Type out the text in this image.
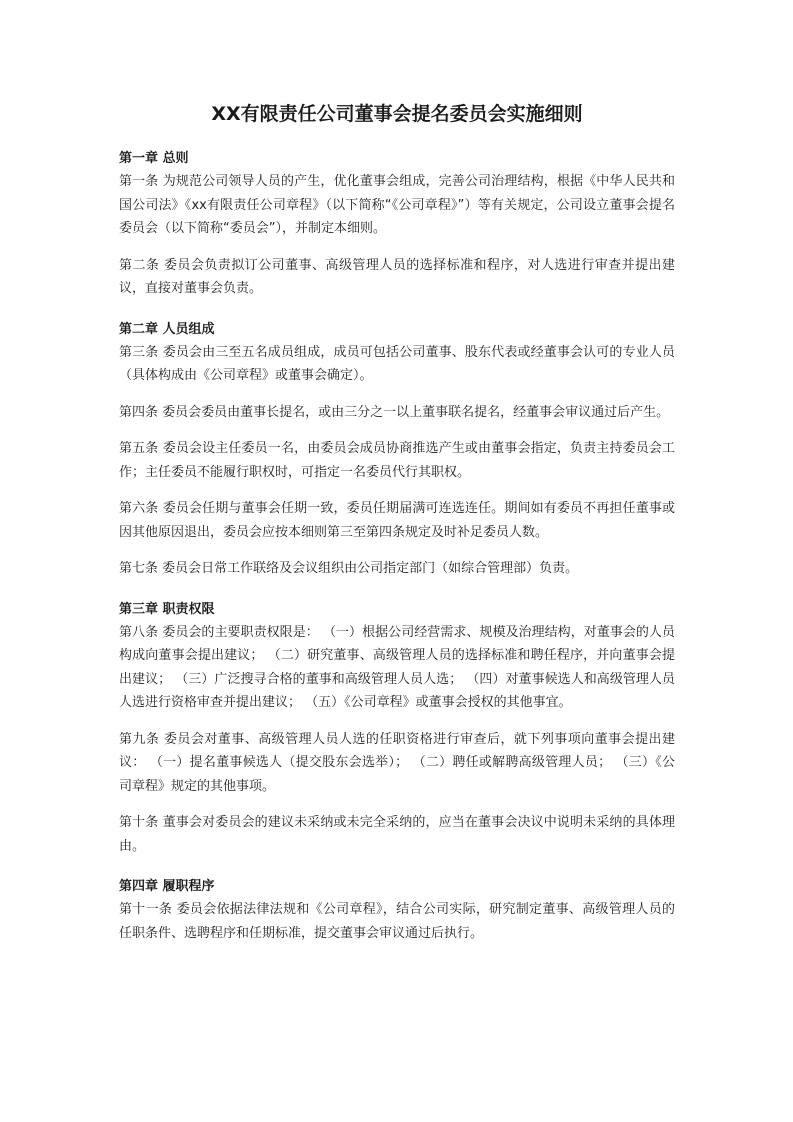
XX有限责任公司董事会提名委员会实施细则

第一章 总则

第一条 为规范公司领导人员的产生，优化董事会组成，完善公司治理结构，根据《中华人民共和国公司法》《xx有限责任公司章程》（以下简称“《公司章程》”）等有关规定，公司设立董事会提名委员会（以下简称“委员会”），并制定本细则。

第二条 委员会负责拟订公司董事、高级管理人员的选择标准和程序，对人选进行审查并提出建议，直接对董事会负责。

第二章 人员组成

第三条 委员会由三至五名成员组成，成员可包括公司董事、股东代表或经董事会认可的专业人员（具体构成由《公司章程》或董事会确定）。

第四条 委员会委员由董事长提名，或由三分之一以上董事联名提名，经董事会审议通过后产生。

第五条 委员会设主任委员一名，由委员会成员协商推选产生或由董事会指定，负责主持委员会工作；主任委员不能履行职权时，可指定一名委员代行其职权。

第六条 委员会任期与董事会任期一致，委员任期届满可连选连任。期间如有委员不再担任董事或因其他原因退出，委员会应按本细则第三至第四条规定及时补足委员人数。

第七条 委员会日常工作联络及会议组织由公司指定部门（如综合管理部）负责。

第三章 职责权限

第八条 委员会的主要职责权限是： （一）根据公司经营需求、规模及治理结构，对董事会的人员构成向董事会提出建议； （二）研究董事、高级管理人员的选择标准和聘任程序，并向董事会提出建议； （三）广泛搜寻合格的董事和高级管理人员人选； （四）对董事候选人和高级管理人员人选进行资格审查并提出建议； （五）《公司章程》或董事会授权的其他事宜。

第九条 委员会对董事、高级管理人员人选的任职资格进行审查后，就下列事项向董事会提出建议： （一）提名董事候选人（提交股东会选举）； （二）聘任或解聘高级管理人员； （三）《公司章程》规定的其他事项。

第十条 董事会对委员会的建议未采纳或未完全采纳的，应当在董事会决议中说明未采纳的具体理由。

第四章 履职程序

第十一条 委员会依据法律法规和《公司章程》，结合公司实际，研究制定董事、高级管理人员的任职条件、选聘程序和任期标准，提交董事会审议通过后执行。
